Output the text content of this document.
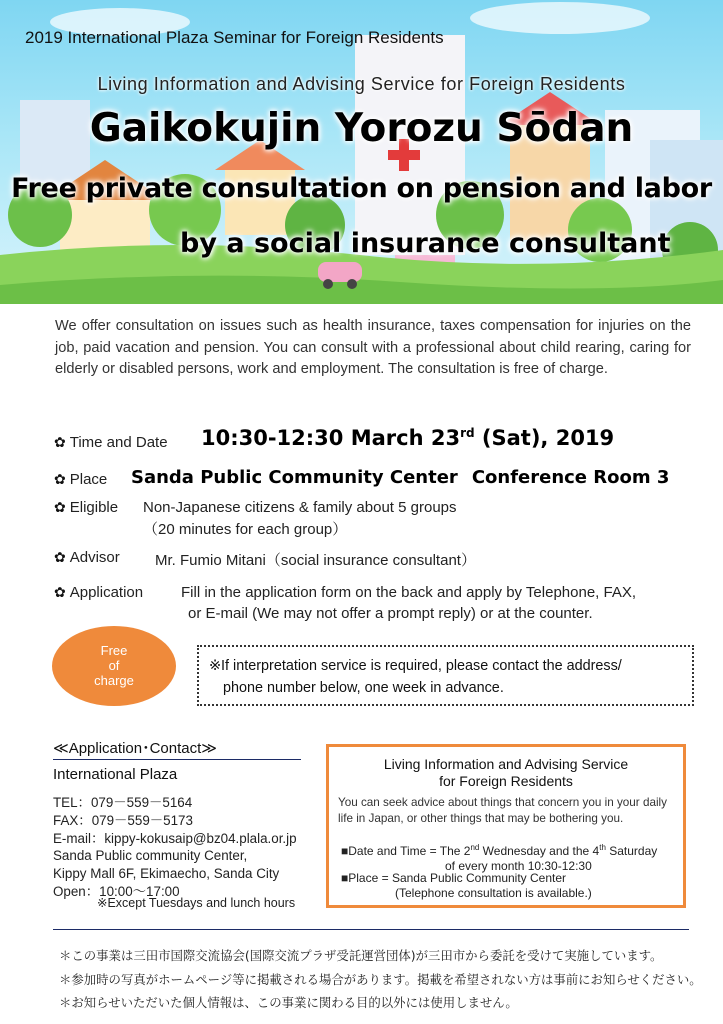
2019 International Plaza Seminar for Foreign Residents
Living Information and Advising Service for Foreign Residents
Gaikokujin Yorozu Sōdan
Free private consultation on pension and labor
by a social insurance consultant
We offer consultation on issues such as health insurance, taxes compensation for injuries on the job, paid vacation and pension. You can consult with a professional about child rearing, caring for elderly or disabled persons, work and employment. The consultation is free of charge.
✿ Time and Date 10:30-12:30 March 23rd (Sat), 2019
✿ Place Sanda Public Community Center Conference Room 3
✿ Eligible Non-Japanese citizens & family about 5 groups
（20 minutes for each group）
✿ Advisor Mr. Fumio Mitani（social insurance consultant）
✿ Application	Fill in the application form on the back and apply by Telephone, FAX,
or E-mail (We may not offer a prompt reply) or at the counter.
Free
of
charge
※If interpretation service is required, please contact the address/
phone number below, one week in advance.
≪Application･Contact≫
International Plaza
TEL：079－559－5164
FAX：079－559－5173
E-mail：kippy-kokusaip@bz04.plala.or.jp
Sanda Public community Center,
Kippy Mall 6F, Ekimaecho, Sanda City
Open：10:00～17:00
※Except Tuesdays and lunch hours
Living Information and Advising Service
for Foreign Residents
You can seek advice about things that concern you in your daily life in Japan, or other things that may be bothering you.
■Date and Time = The 2nd Wednesday and the 4th Saturday
of every month 10:30-12:30
■Place = Sanda Public Community Center
(Telephone consultation is available.)
＊この事業は三田市国際交流協会(国際交流プラザ受託運営団体)が三田市から委託を受けて実施しています。
＊参加時の写真がホームページ等に掲載される場合があります。掲載を希望されない方は事前にお知らせください。
＊お知らせいただいた個人情報は、この事業に関わる目的以外には使用しません。
